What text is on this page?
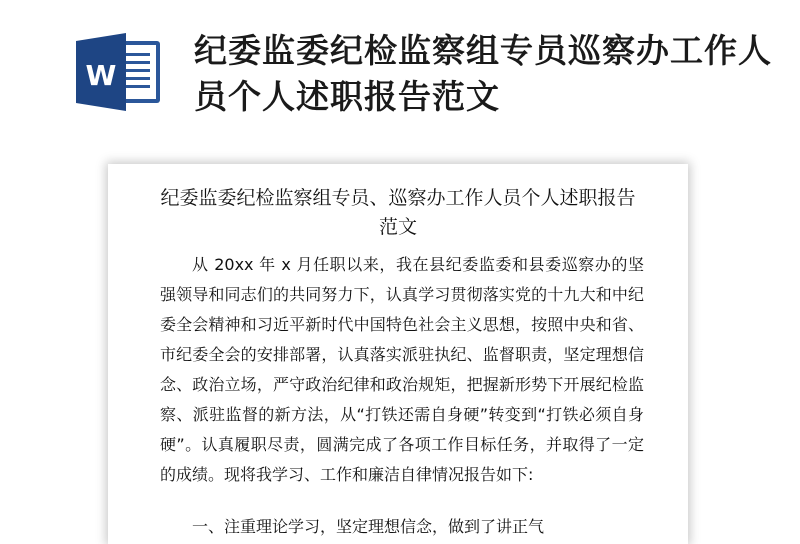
W
纪委监委纪检监察组专员巡察办工作人员个人述职报告范文
纪委监委纪检监察组专员、巡察办工作人员个人述职报告范文
从 20xx 年 x 月任职以来，我在县纪委监委和县委巡察办的坚强领导和同志们的共同努力下，认真学习贯彻落实党的十九大和中纪委全会精神和习近平新时代中国特色社会主义思想，按照中央和省、市纪委全会的安排部署，认真落实派驻执纪、监督职责，坚定理想信念、政治立场，严守政治纪律和政治规矩，把握新形势下开展纪检监察、派驻监督的新方法，从“打铁还需自身硬”转变到“打铁必须自身硬”。认真履职尽责，圆满完成了各项工作目标任务，并取得了一定的成绩。现将我学习、工作和廉洁自律情况报告如下:
一、注重理论学习，坚定理想信念，做到了讲正气
